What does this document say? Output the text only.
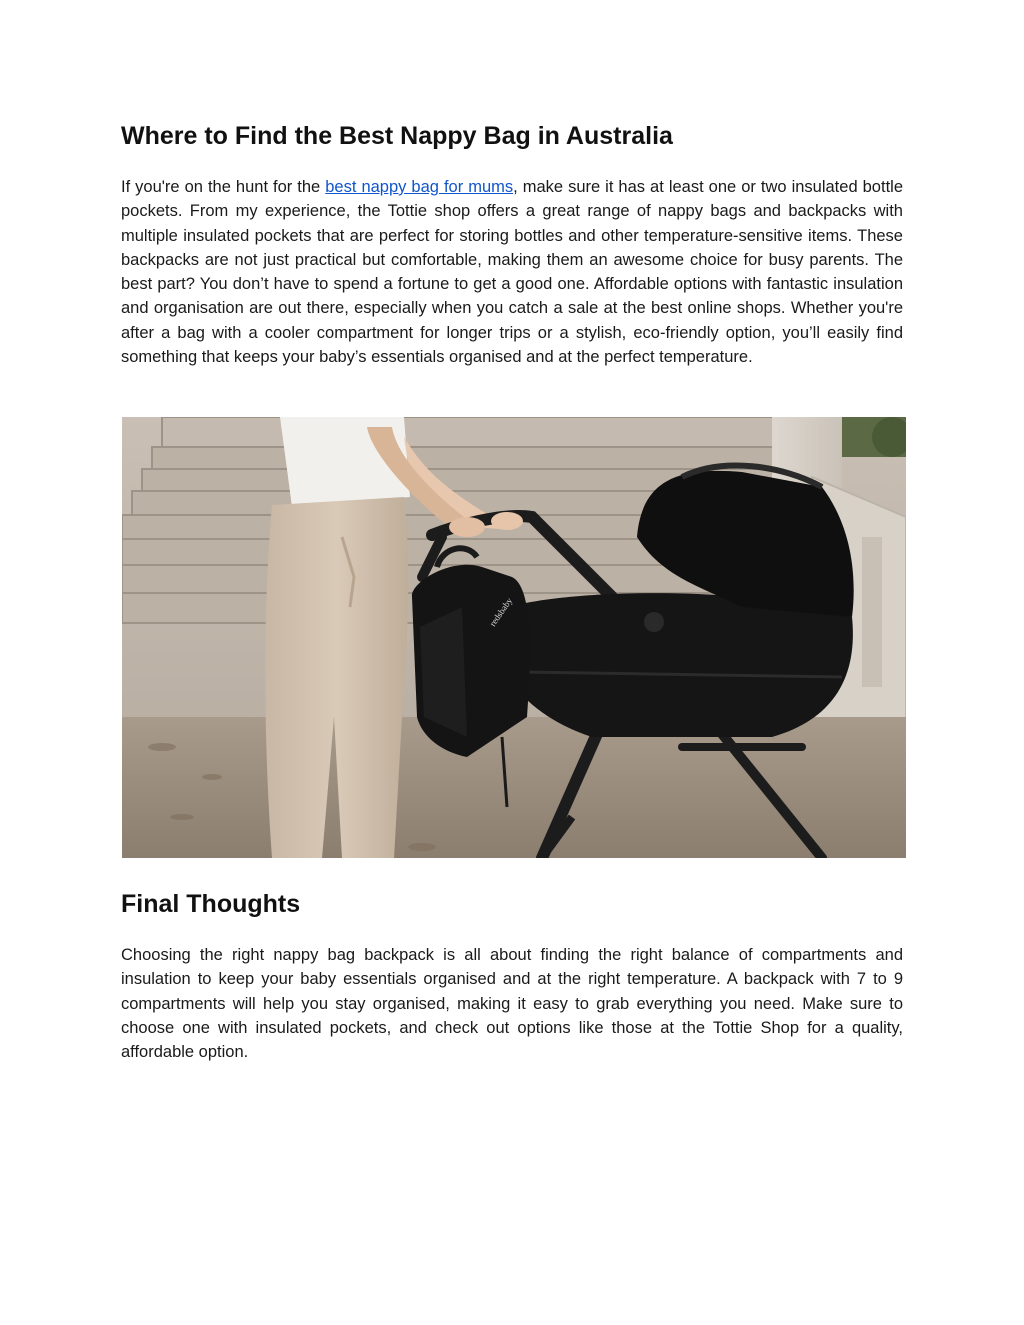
Where to Find the Best Nappy Bag in Australia

If you're on the hunt for the best nappy bag for mums, make sure it has at least one or two insulated bottle pockets. From my experience, the Tottie shop offers a great range of nappy bags and backpacks with multiple insulated pockets that are perfect for storing bottles and other temperature-sensitive items. These backpacks are not just practical but comfortable, making them an awesome choice for busy parents. The best part? You don’t have to spend a fortune to get a good one. Affordable options with fantastic insulation and organisation are out there, especially when you catch a sale at the best online shops. Whether you're after a bag with a cooler compartment for longer trips or a stylish, eco-friendly option, you’ll easily find something that keeps your baby’s essentials organised and at the perfect temperature.

redsbaby
Final Thoughts

Choosing the right nappy bag backpack is all about finding the right balance of compartments and insulation to keep your baby essentials organised and at the right temperature. A backpack with 7 to 9 compartments will help you stay organised, making it easy to grab everything you need. Make sure to choose one with insulated pockets, and check out options like those at the Tottie Shop for a quality, affordable option.
